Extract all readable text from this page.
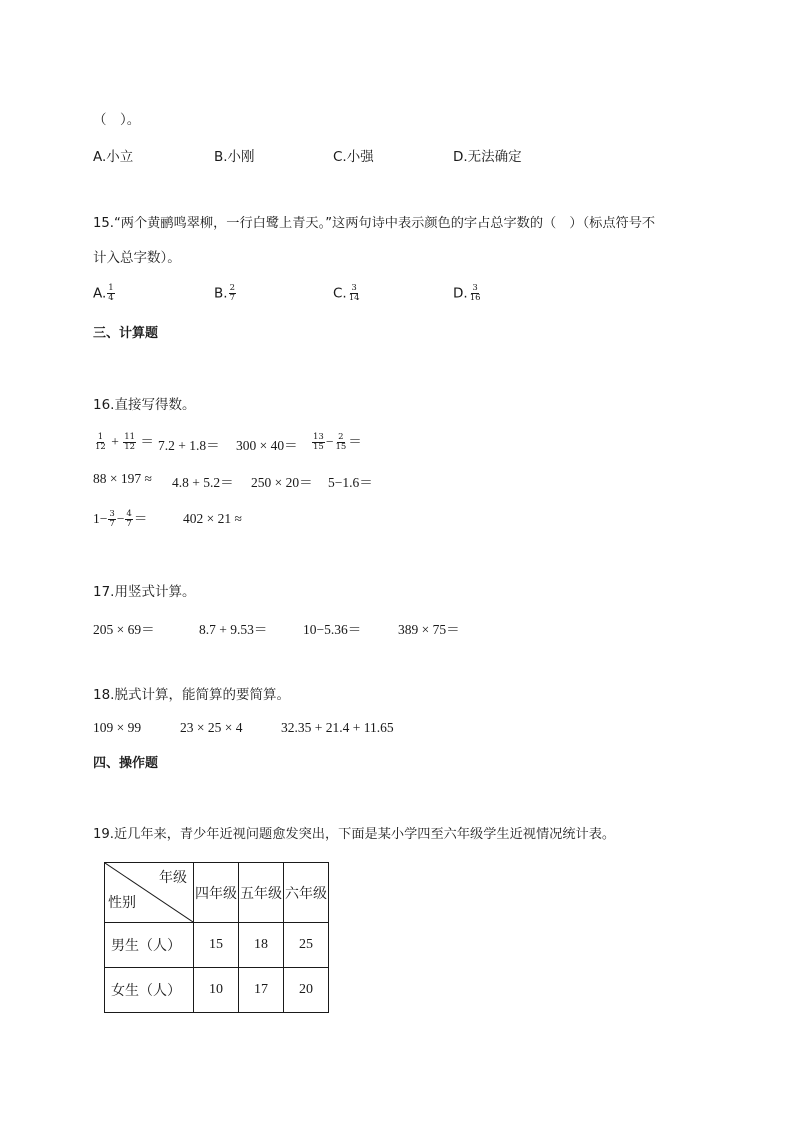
（　）。
A.小立	B.小刚	C.小强	D.无法确定
15.“两个黄鹂鸣翠柳，一行白鹭上青天。”这两句诗中表示颜色的字占总字数的（　）（标点符号不
计入总字数）。
A. $\frac{1}{4}$	B. $\frac{2}{7}$	C. $\frac{3}{14}$	D. $\frac{3}{16}$
三、计算题
16.直接写得数。
$\frac{1}{12} + \frac{11}{12} = 7.2 + 1.8= 300 \times 40= \frac{13}{15} - \frac{2}{15}$ ＝
88 × 197 ≈ 4.8 + 5.2＝ 250 × 20＝ 5−1.6＝
$1- \frac{3}{7} - \frac{4}{7}$ ＝	402 × 21 ≈
17.用竖式计算。
205 × 69＝	8.7 + 9.53＝	10−5.36＝	389 × 75＝
18.脱式计算，能简算的要简算。
109 × 99	23 × 25 × 4	32.35 + 21.4 + 11.65
四、操作题
19.近几年来，青少年近视问题愈发突出，下面是某小学四至六年级学生近视情况统计表。
年级
性别	四年级	五年级	六年级
男生（人）	15	18	25
女生（人）	10	17	20
